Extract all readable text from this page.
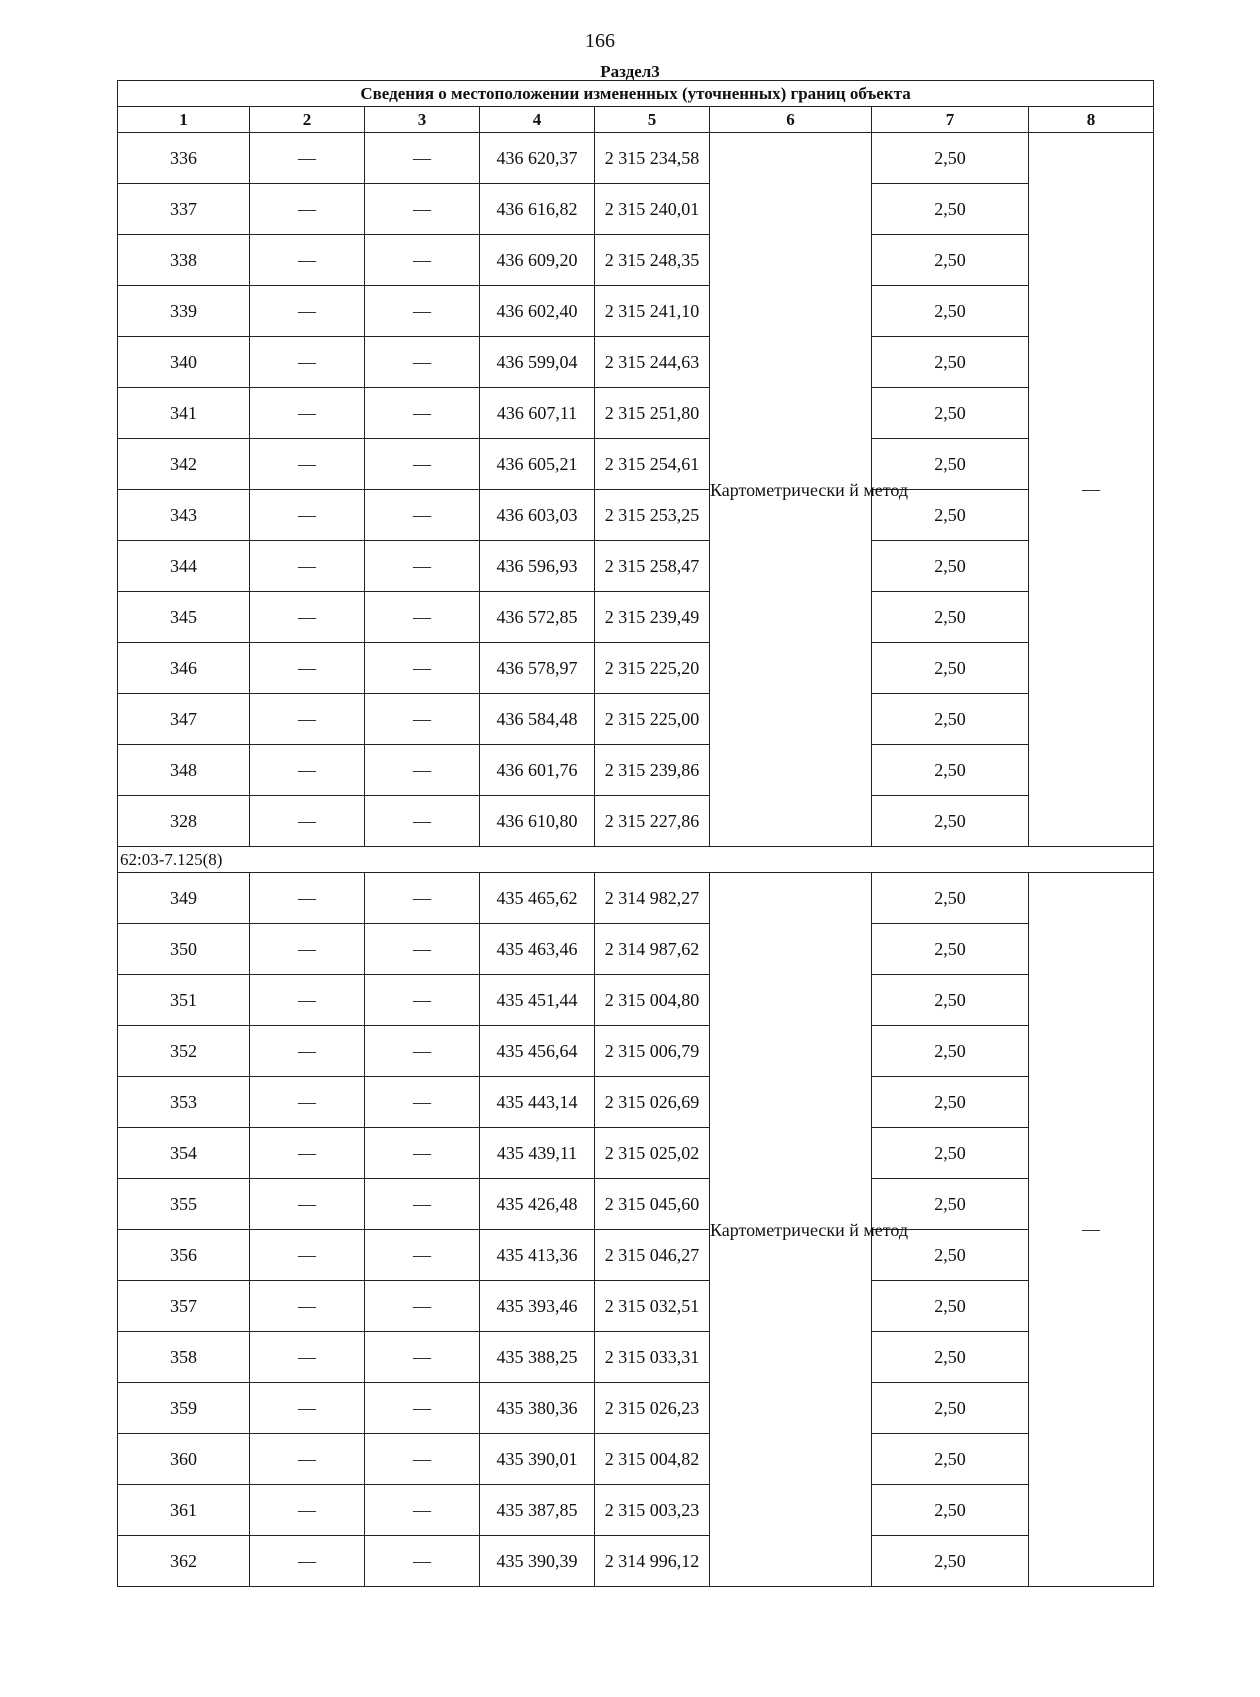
166
Раздел3
Сведения о местоположении измененных (уточненных) границ объекта							
1	2	3	4	5	6	7	8
336	—	—	436 620,37	2 315 234,58	Картометрически й метод	2,50	—
337	—	—	436 616,82	2 315 240,01		2,50	
338	—	—	436 609,20	2 315 248,35		2,50	
339	—	—	436 602,40	2 315 241,10		2,50	
340	—	—	436 599,04	2 315 244,63		2,50	
341	—	—	436 607,11	2 315 251,80		2,50	
342	—	—	436 605,21	2 315 254,61		2,50	
343	—	—	436 603,03	2 315 253,25		2,50	
344	—	—	436 596,93	2 315 258,47		2,50	
345	—	—	436 572,85	2 315 239,49		2,50	
346	—	—	436 578,97	2 315 225,20		2,50	
347	—	—	436 584,48	2 315 225,00		2,50	
348	—	—	436 601,76	2 315 239,86		2,50	
328	—	—	436 610,80	2 315 227,86		2,50	
62:03-7.125(8)							
349	—	—	435 465,62	2 314 982,27	Картометрически й метод	2,50	—
350	—	—	435 463,46	2 314 987,62		2,50	
351	—	—	435 451,44	2 315 004,80		2,50	
352	—	—	435 456,64	2 315 006,79		2,50	
353	—	—	435 443,14	2 315 026,69		2,50	
354	—	—	435 439,11	2 315 025,02		2,50	
355	—	—	435 426,48	2 315 045,60		2,50	
356	—	—	435 413,36	2 315 046,27		2,50	
357	—	—	435 393,46	2 315 032,51		2,50	
358	—	—	435 388,25	2 315 033,31		2,50	
359	—	—	435 380,36	2 315 026,23		2,50	
360	—	—	435 390,01	2 315 004,82		2,50	
361	—	—	435 387,85	2 315 003,23		2,50	
362	—	—	435 390,39	2 314 996,12		2,50	
